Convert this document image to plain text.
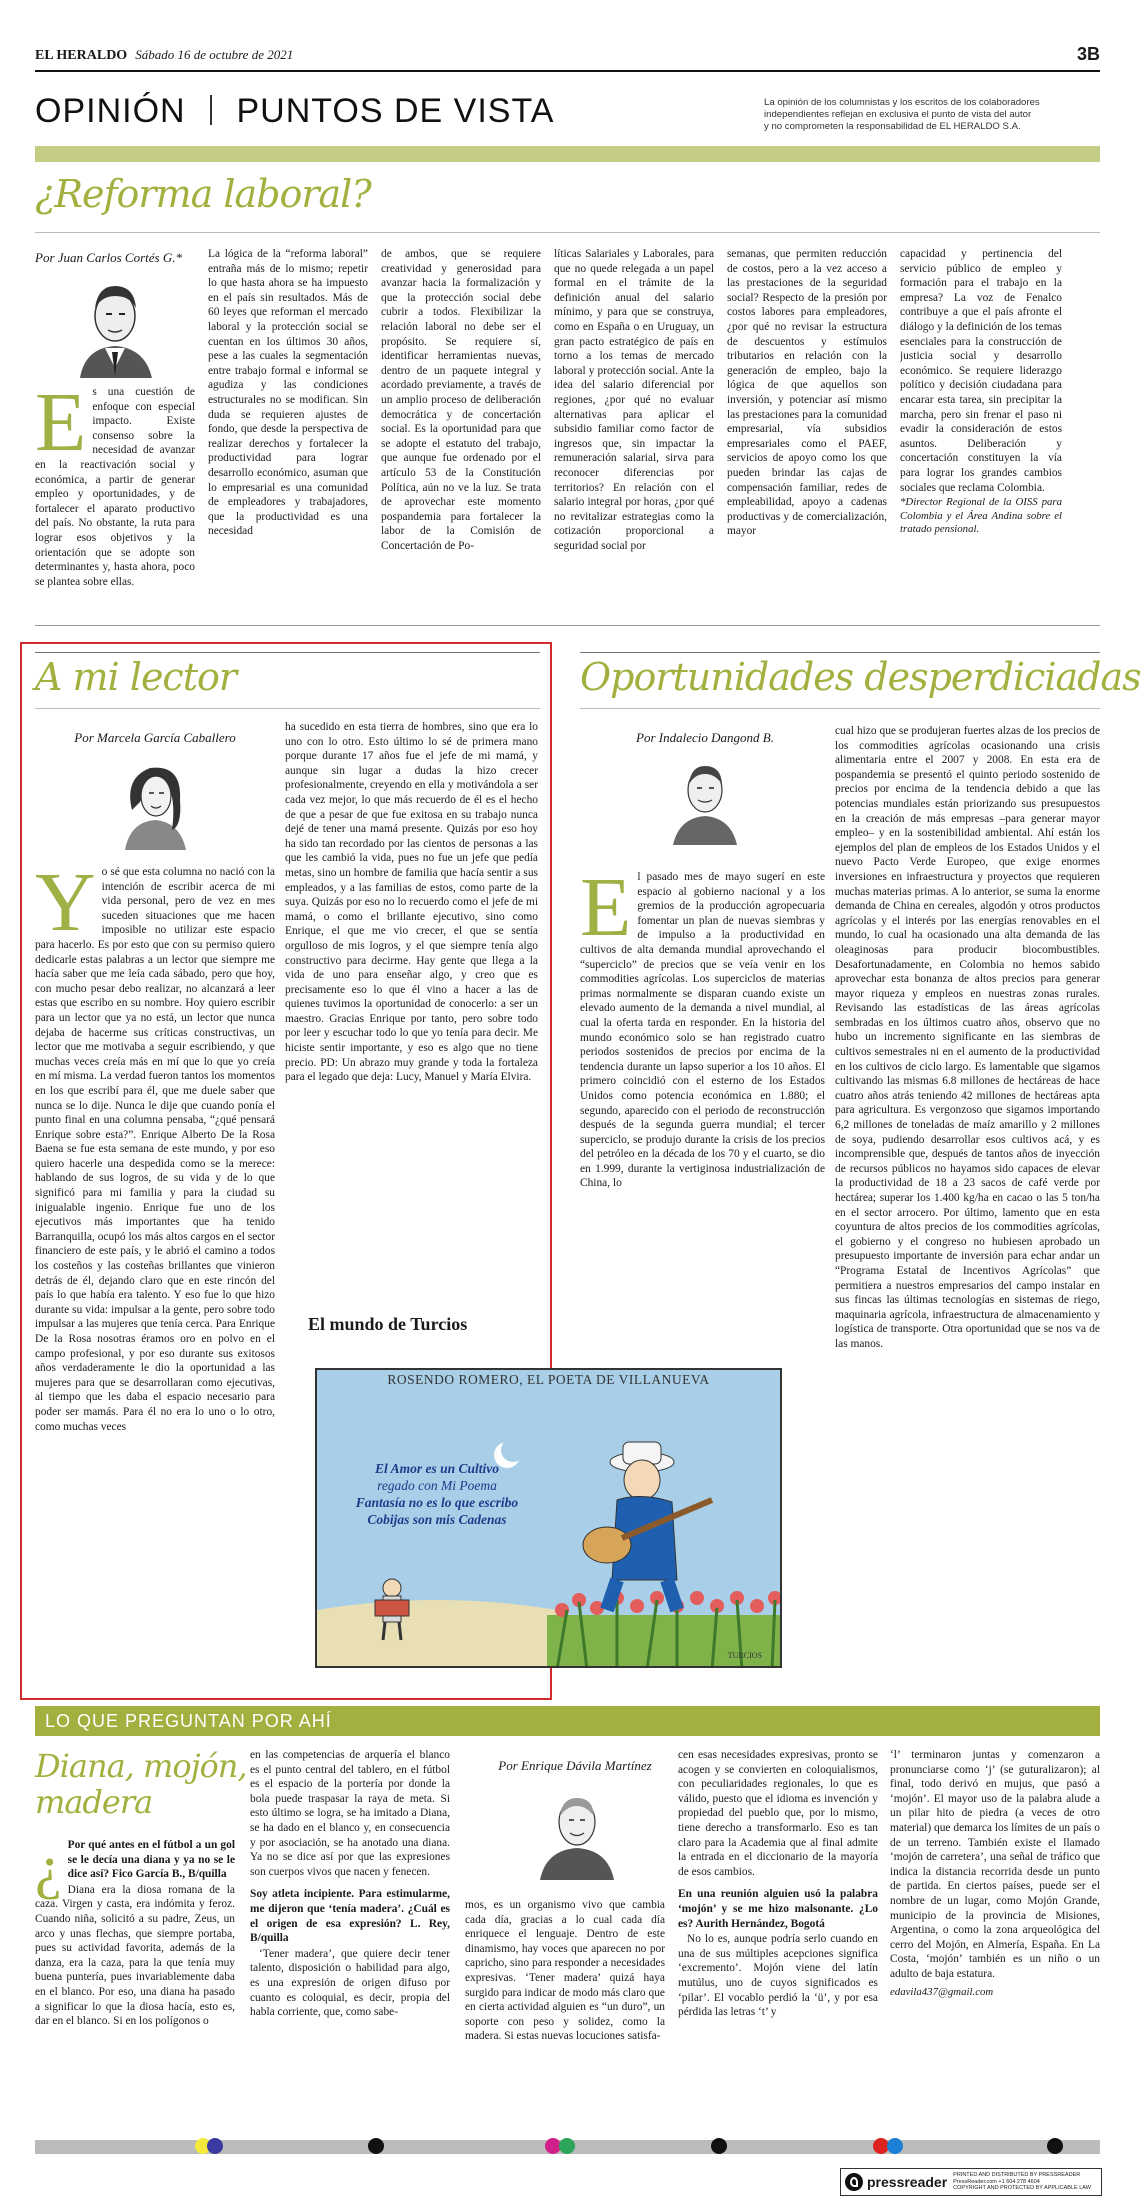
EL HERALDO Sábado 16 de octubre de 2021	3B
OPINIÓN PUNTOS DE VISTA	La opinión de los columnistas y los escritos de los colaboradores
independientes reflejan en exclusiva el punto de vista del autor
y no comprometen la responsabilidad de EL HERALDO S.A.
¿Reforma laboral?
Por Juan Carlos Cortés G.*
E s una cuestión de enfoque con especial impacto. Existe consenso sobre la necesidad de avanzar en la reactivación social y económica, a partir de generar empleo y oportunidades, y de fortalecer el aparato productivo del país. No obstante, la ruta para lograr esos objetivos y la orientación que se adopte son determinantes y, hasta ahora, poco se plantea sobre ellas.

La lógica de la “reforma laboral” entraña más de lo mismo; repetir lo que hasta ahora se ha impuesto en el país sin resultados. Más de 60 leyes que reforman el mercado laboral y la protección social se cuentan en los últimos 30 años, pese a las cuales la segmentación entre trabajo formal e informal se agudiza y las condiciones estructurales no se modifican. Sin duda se requieren ajustes de fondo, que desde la perspectiva de realizar derechos y fortalecer la productividad para lograr desarrollo económico, asuman que lo empresarial es una comunidad de empleadores y trabajadores, que la productividad es una necesidad

de ambos, que se requiere creatividad y generosidad para avanzar hacia la formalización y que la protección social debe cubrir a todos. Flexibilizar la relación laboral no debe ser el propósito. Se requiere sí, identificar herramientas nuevas, dentro de un paquete integral y acordado previamente, a través de un amplio proceso de deliberación democrática y de concertación social. Es la oportunidad para que se adopte el estatuto del trabajo, que aunque fue ordenado por el artículo 53 de la Constitución Política, aún no ve la luz. Se trata de aprovechar este momento pospandemia para fortalecer la labor de la Comisión de Concertación de Po-

líticas Salariales y Laborales, para que no quede relegada a un papel formal en el trámite de la definición anual del salario mínimo, y para que se construya, como en España o en Uruguay, un gran pacto estratégico de país en torno a los temas de mercado laboral y protección social. Ante la idea del salario diferencial por regiones, ¿por qué no evaluar alternativas para aplicar el subsidio familiar como factor de ingresos que, sin impactar la remuneración salarial, sirva para reconocer diferencias por territorios? En relación con el salario integral por horas, ¿por qué no revitalizar estrategias como la cotización proporcional a seguridad social por

semanas, que permiten reducción de costos, pero a la vez acceso a las prestaciones de la seguridad social? Respecto de la presión por costos labores para empleadores, ¿por qué no revisar la estructura de descuentos y estímulos tributarios en relación con la generación de empleo, bajo la lógica de que aquellos son inversión, y potenciar así mismo las prestaciones para la comunidad empresarial, vía subsidios empresariales como el PAEF, servicios de apoyo como los que pueden brindar las cajas de compensación familiar, redes de empleabilidad, apoyo a cadenas productivas y de comercialización, mayor

capacidad y pertinencia del servicio público de empleo y formación para el trabajo en la empresa? La voz de Fenalco contribuye a que el país afronte el diálogo y la definición de los temas esenciales para la construcción de justicia social y desarrollo económico. Se requiere liderazgo político y decisión ciudadana para encarar esta tarea, sin precipitar la marcha, pero sin frenar el paso ni evadir la consideración de estos asuntos. Deliberación y concertación constituyen la vía para lograr los grandes cambios sociales que reclama Colombia.

*Director Regional de la OISS para Colombia y el Área Andina sobre el tratado pensional.

A mi lector
Por Marcela García Caballero
Y o sé que esta columna no nació con la intención de escribir acerca de mi vida personal, pero de vez en mes suceden situaciones que me hacen imposible no utilizar este espacio para hacerlo. Es por esto que con su permiso quiero dedicarle estas palabras a un lector que siempre me hacía saber que me leía cada sábado, pero que hoy, con mucho pesar debo realizar, no alcanzará a leer estas que escribo en su nombre. Hoy quiero escribir para un lector que ya no está, un lector que nunca dejaba de hacerme sus críticas constructivas, un lector que me motivaba a seguir escribiendo, y que muchas veces creía más en mí que lo que yo creía en mí misma. La verdad fueron tantos los momentos en los que escribí para él, que me duele saber que nunca se lo dije. Nunca le dije que cuando ponía el punto final en una columna pensaba, “¿qué pensará Enrique sobre esta?”. Enrique Alberto De la Rosa Baena se fue esta semana de este mundo, y por eso quiero hacerle una despedida como se la merece: hablando de sus logros, de su vida y de lo que significó para mi familia y para la ciudad su inigualable ingenio. Enrique fue uno de los ejecutivos más importantes que ha tenido Barranquilla, ocupó los más altos cargos en el sector financiero de este país, y le abrió el camino a todos los costeños y las costeñas brillantes que vinieron detrás de él, dejando claro que en este rincón del país lo que había era talento. Y eso fue lo que hizo durante su vida: impulsar a la gente, pero sobre todo impulsar a las mujeres que tenía cerca. Para Enrique De la Rosa nosotras éramos oro en polvo en el campo profesional, y por eso durante sus exitosos años verdaderamente le dio la oportunidad a las mujeres para que se desarrollaran como ejecutivas, al tiempo que les daba el espacio necesario para poder ser mamás. Para él no era lo uno o lo otro, como muchas veces

ha sucedido en esta tierra de hombres, sino que era lo uno con lo otro. Esto último lo sé de primera mano porque durante 17 años fue el jefe de mi mamá, y aunque sin lugar a dudas la hizo crecer profesionalmente, creyendo en ella y motivándola a ser cada vez mejor, lo que más recuerdo de él es el hecho de que a pesar de que fue exitosa en su trabajo nunca dejé de tener una mamá presente. Quizás por eso hoy ha sido tan recordado por las cientos de personas a las que les cambió la vida, pues no fue un jefe que pedía metas, sino un hombre de familia que hacía sentir a sus empleados, y a las familias de estos, como parte de la suya. Quizás por eso no lo recuerdo como el jefe de mi mamá, o como el brillante ejecutivo, sino como Enrique, el que me vio crecer, el que se sentía orgulloso de mis logros, y el que siempre tenía algo constructivo para decirme. Hay gente que llega a la vida de uno para enseñar algo, y creo que es precisamente eso lo que él vino a hacer a las de quienes tuvimos la oportunidad de conocerlo: a ser un maestro. Gracias Enrique por tanto, pero sobre todo por leer y escuchar todo lo que yo tenía para decir. Me hiciste sentir importante, y eso es algo que no tiene precio. PD: Un abrazo muy grande y toda la fortaleza para el legado que deja: Lucy, Manuel y María Elvira.

El mundo de Turcios
ROSENDO ROMERO, EL POETA DE VILLANUEVA
El Amor es un Cultivo
regado con Mi Poema
Fantasía no es lo que escribo
Cobijas son mis Cadenas
TURCIOS
Oportunidades desperdiciadas
Por Indalecio Dangond B.
E l pasado mes de mayo sugerí en este espacio al gobierno nacional y a los gremios de la producción agropecuaria fomentar un plan de nuevas siembras y de impulso a la productividad en cultivos de alta demanda mundial aprovechando el “superciclo” de precios que se veía venir en los commodities agrícolas. Los superciclos de materias primas normalmente se disparan cuando existe un elevado aumento de la demanda a nivel mundial, al cual la oferta tarda en responder. En la historia del mundo económico solo se han registrado cuatro periodos sostenidos de precios por encima de la tendencia durante un lapso superior a los 10 años. El primero coincidió con el esterno de los Estados Unidos como potencia económica en 1.880; el segundo, aparecido con el periodo de reconstrucción después de la segunda guerra mundial; el tercer superciclo, se produjo durante la crisis de los precios del petróleo en la década de los 70 y el cuarto, se dio en 1.999, durante la vertiginosa industrialización de China, lo

cual hizo que se produjeran fuertes alzas de los precios de los commodities agrícolas ocasionando una crisis alimentaria entre el 2007 y 2008. En esta era de pospandemia se presentó el quinto periodo sostenido de precios por encima de la tendencia debido a que las potencias mundiales están priorizando sus presupuestos en la creación de más empresas –para generar mayor empleo– y en la sostenibilidad ambiental. Ahí están los ejemplos del plan de empleos de los Estados Unidos y el nuevo Pacto Verde Europeo, que exige enormes inversiones en infraestructura y proyectos que requieren muchas materias primas. A lo anterior, se suma la enorme demanda de China en cereales, algodón y otros productos agrícolas y el interés por las energías renovables en el mundo, lo cual ha ocasionado una alta demanda de las oleaginosas para producir biocombustibles. Desafortunadamente, en Colombia no hemos sabido aprovechar esta bonanza de altos precios para generar mayor riqueza y empleos en nuestras zonas rurales. Revisando las estadísticas de las áreas agrícolas sembradas en los últimos cuatro años, observo que no hubo un incremento significante en las siembras de cultivos semestrales ni en el aumento de la productividad en los cultivos de ciclo largo. Es lamentable que sigamos cultivando las mismas 6.8 millones de hectáreas de hace cuatro años atrás teniendo 42 millones de hectáreas apta para agricultura. Es vergonzoso que sigamos importando 6,2 millones de toneladas de maíz amarillo y 2 millones de soya, pudiendo desarrollar esos cultivos acá, y es incomprensible que, después de tantos años de inyección de recursos públicos no hayamos sido capaces de elevar la productividad de 18 a 23 sacos de café verde por hectárea; superar los 1.400 kg/ha en cacao o las 5 ton/ha en el sector arrocero. Por último, lamento que en esta coyuntura de altos precios de los commodities agrícolas, el gobierno y el congreso no hubiesen aprobado un presupuesto importante de inversión para echar andar un “Programa Estatal de Incentivos Agrícolas” que permitiera a nuestros empresarios del campo instalar en sus fincas las últimas tecnologías en sistemas de riego, maquinaria agrícola, infraestructura de almacenamiento y logística de transporte. Otra oportunidad que se nos va de las manos.

LO QUE PREGUNTAN POR AHÍ
Diana, mojón,
madera
Por Enrique Dávila Martínez
¿ Por qué antes en el fútbol a un gol se le decía una diana y ya no se le dice así? Fico García B., B/quilla

Diana era la diosa romana de la caza. Virgen y casta, era indómita y feroz. Cuando niña, solicitó a su padre, Zeus, un arco y unas flechas, que siempre portaba, pues su actividad favorita, además de la danza, era la caza, para la que tenía muy buena puntería, pues invariablemente daba en el blanco. Por eso, una diana ha pasado a significar lo que la diosa hacía, esto es, dar en el blanco. Si en los polígonos o

en las competencias de arquería el blanco es el punto central del tablero, en el fútbol es el espacio de la portería por donde la bola puede traspasar la raya de meta. Si esto último se logra, se ha imitado a Diana, se ha dado en el blanco y, en consecuencia y por asociación, se ha anotado una diana. Ya no se dice así por que las expresiones son cuerpos vivos que nacen y fenecen.

Soy atleta incipiente. Para estimularme, me dijeron que ‘tenía madera’. ¿Cuál es el origen de esa expresión? L. Rey, B/quilla

‘Tener madera’, que quiere decir tener talento, disposición o habilidad para algo, es una expresión de origen difuso por cuanto es coloquial, es decir, propia del habla corriente, que, como sabe-

mos, es un organismo vivo que cambia cada día, gracias a lo cual cada día enriquece el lenguaje. Dentro de este dinamismo, hay voces que aparecen no por capricho, sino para responder a necesidades expresivas. ‘Tener madera’ quizá haya surgido para indicar de modo más claro que en cierta actividad alguien es “un duro”, un soporte con peso y solidez, como la madera. Si estas nuevas locuciones satisfa-

cen esas necesidades expresivas, pronto se acogen y se convierten en coloquialismos, con peculiaridades regionales, lo que es válido, puesto que el idioma es invención y propiedad del pueblo que, por lo mismo, tiene derecho a transformarlo. Eso es tan claro para la Academia que al final admite la entrada en el diccionario de la mayoría de esos cambios.

En una reunión alguien usó la palabra ‘mojón’ y se me hizo malsonante. ¿Lo es? Aurith Hernández, Bogotá

No lo es, aunque podría serlo cuando en una de sus múltiples acepciones significa ‘excremento’. Mojón viene del latín mutúlus, uno de cuyos significados es ‘pilar’. El vocablo perdió la ‘ü’, y por esa pérdida las letras ‘t’ y

‘l’ terminaron juntas y comenzaron a pronunciarse como ‘j’ (se guturalizaron); al final, todo derivó en mujus, que pasó a ‘mojón’. El mayor uso de la palabra alude a un pilar hito de piedra (a veces de otro material) que demarca los límites de un país o de un terreno. También existe el llamado ‘mojón de carretera’, una señal de tráfico que indica la distancia recorrida desde un punto de partida. En ciertos países, puede ser el nombre de un lugar, como Mojón Grande, municipio de la provincia de Misiones, Argentina, o como la zona arqueológica del cerro del Mojón, en Almería, España. En La Costa, ‘mojón’ también es un niño o un adulto de baja estatura.

edavila437@gmail.com

pressreader PRINTED AND DISTRIBUTED BY PRESSREADER
PressReader.com +1 604 278 4604
COPYRIGHT AND PROTECTED BY APPLICABLE LAW
